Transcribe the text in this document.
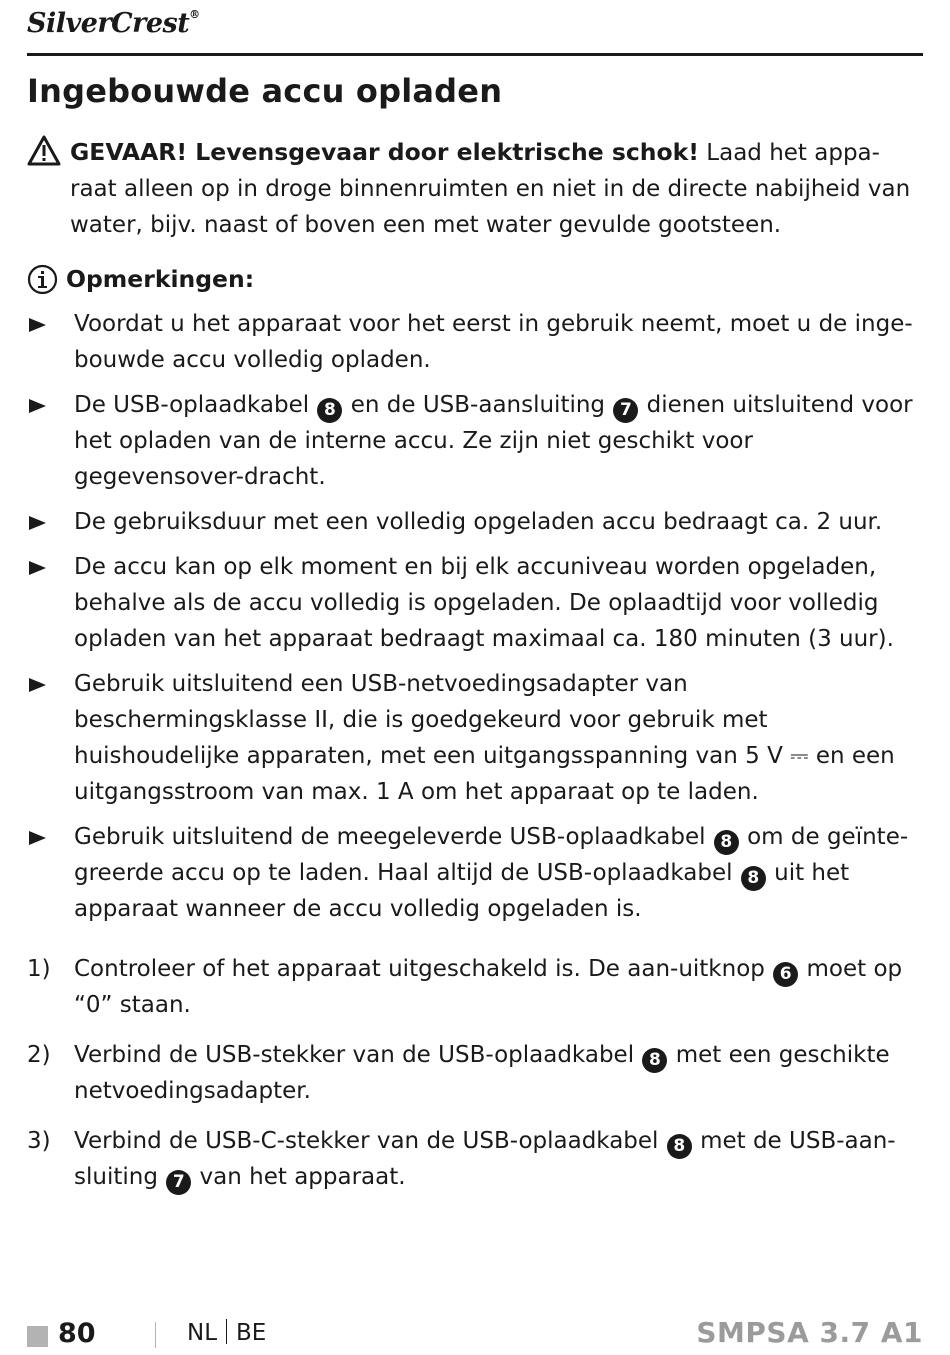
SilverCrest®
Ingebouwde accu opladen
GEVAAR! Levensgevaar door elektrische schok! Laad het appa-
raat alleen op in droge binnenruimten en niet in de directe nabijheid van water, bijv. naast of boven een met water gevulde gootsteen.
Opmerkingen:
Voordat u het apparaat voor het eerst in gebruik neemt, moet u de inge-bouwde accu volledig opladen.
De USB-oplaadkabel 8 en de USB-aansluiting 7 dienen uitsluitend voor het opladen van de interne accu. Ze zijn niet geschikt voor gegevensover-dracht.
De gebruiksduur met een volledig opgeladen accu bedraagt ca. 2 uur.
De accu kan op elk moment en bij elk accuniveau worden opgeladen, behalve als de accu volledig is opgeladen. De oplaadtijd voor volledig opladen van het apparaat bedraagt maximaal ca. 180 minuten (3 uur).
Gebruik uitsluitend een USB-netvoedingsadapter van beschermingsklasse II, die is goedgekeurd voor gebruik met huishoudelijke apparaten, met een uitgangsspanning van 5 V ⎓ en een uitgangsstroom van max. 1 A om het apparaat op te laden.
Gebruik uitsluitend de meegeleverde USB-oplaadkabel 8 om de geïnte-greerde accu op te laden. Haal altijd de USB-oplaadkabel 8 uit het apparaat wanneer de accu volledig opgeladen is.
1) Controleer of het apparaat uitgeschakeld is. De aan-uitknop 6 moet op “0” staan.
2) Verbind de USB-stekker van de USB-oplaadkabel 8 met een geschikte netvoedingsadapter.
3) Verbind de USB-C-stekker van de USB-oplaadkabel 8 met de USB-aan-sluiting 7 van het apparaat.
80	NL BE	SMPSA 3.7 A1
